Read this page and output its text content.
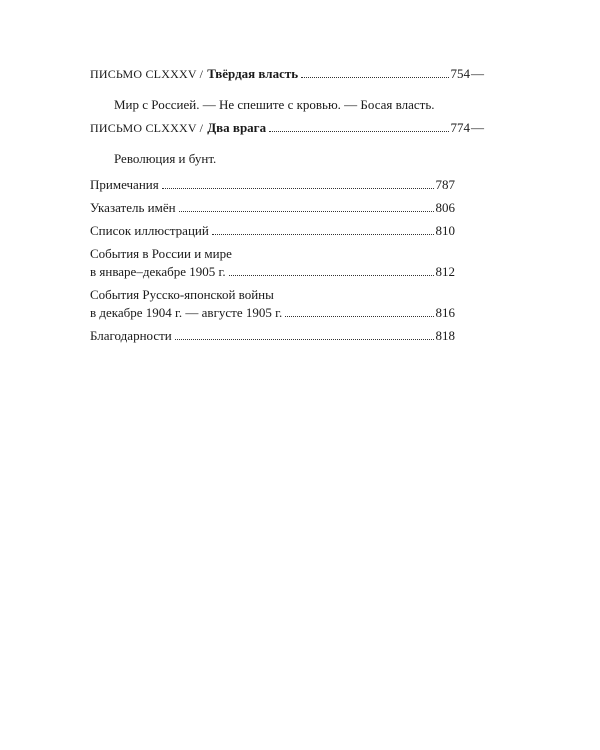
ПИСЬМО CLXXXV / Твёрдая власть	754 —
Мир с Россией. — Не спешите с кровью. — Босая власть.
ПИСЬМО CLXXXV / Два врага	774 —
Революция и бунт.
Примечания	787
Указатель имён	806
Список иллюстраций	810
События в России и мире
в январе–декабре 1905 г.	812
События Русско-японской войны
в декабре 1904 г. — августе 1905 г.	816
Благодарности	818
